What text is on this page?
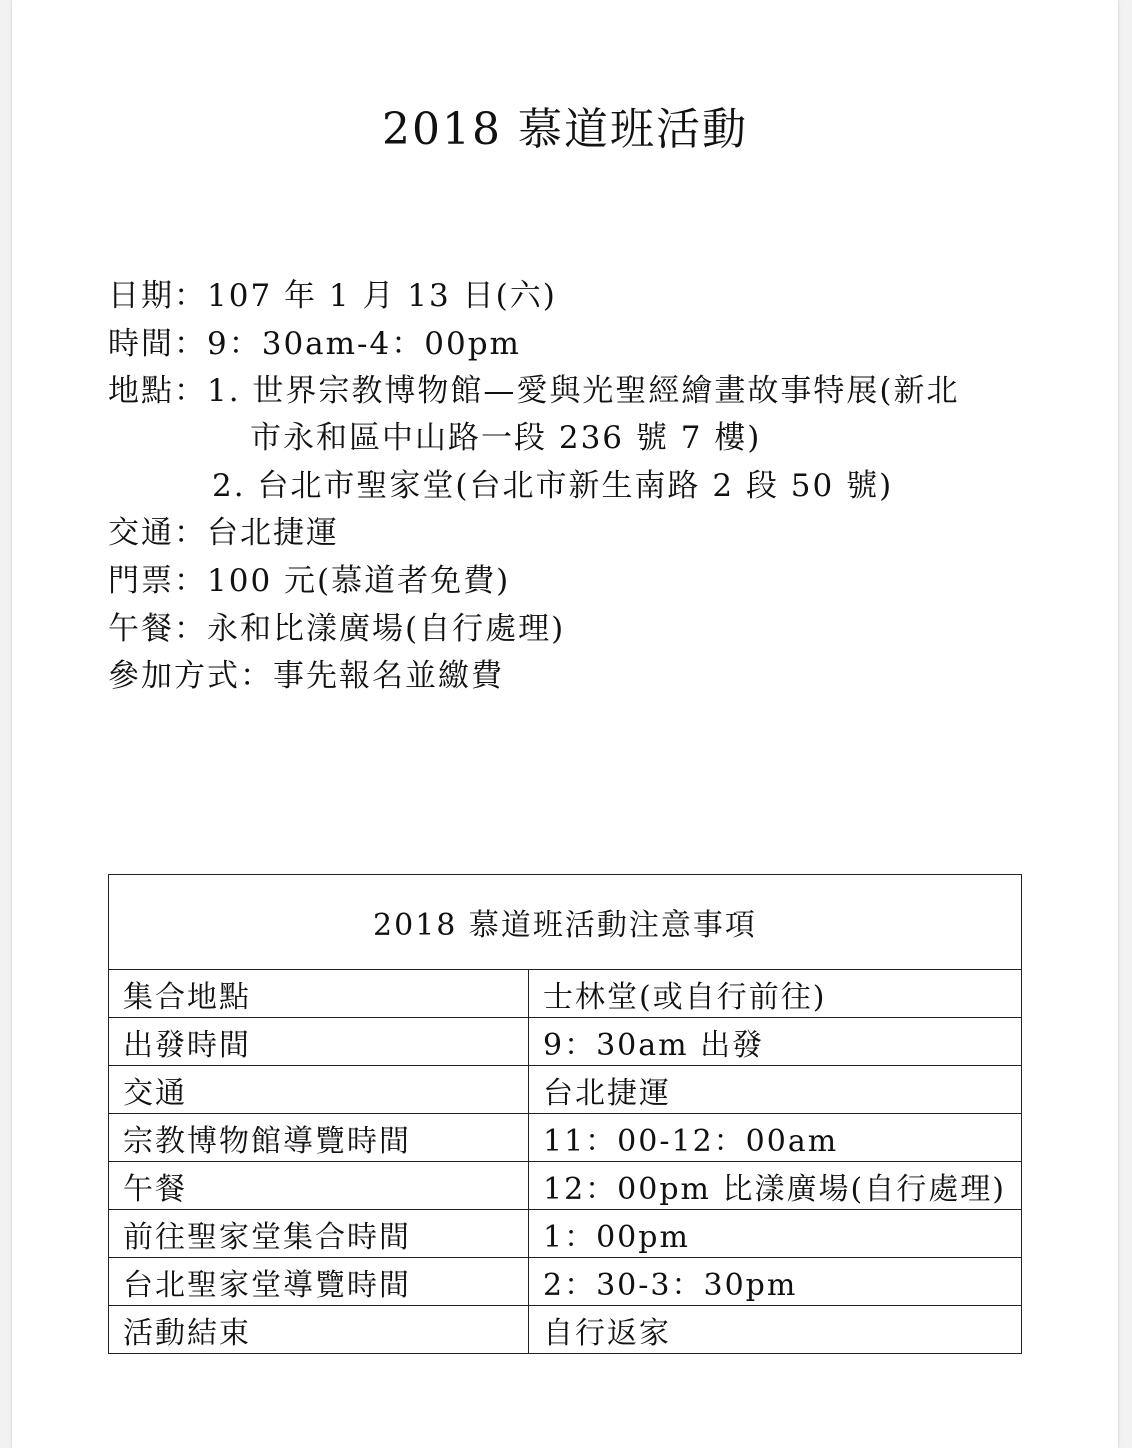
2018 慕道班活動
日期：107 年 1 月 13 日(六)
時間：9：30am-4：00pm
地點：1. 世界宗教博物館—愛與光聖經繪畫故事特展(新北
市永和區中山路一段 236 號 7 樓)
2. 台北市聖家堂(台北市新生南路 2 段 50 號)
交通：台北捷運
門票：100 元(慕道者免費)
午餐：永和比漾廣場(自行處理)
參加方式：事先報名並繳費
2018 慕道班活動注意事項	
集合地點	士林堂(或自行前往)
出發時間	9：30am 出發
交通	台北捷運
宗教博物館導覽時間	11：00-12：00am
午餐	12：00pm 比漾廣場(自行處理)
前往聖家堂集合時間	1：00pm
台北聖家堂導覽時間	2：30-3：30pm
活動結束	自行返家
